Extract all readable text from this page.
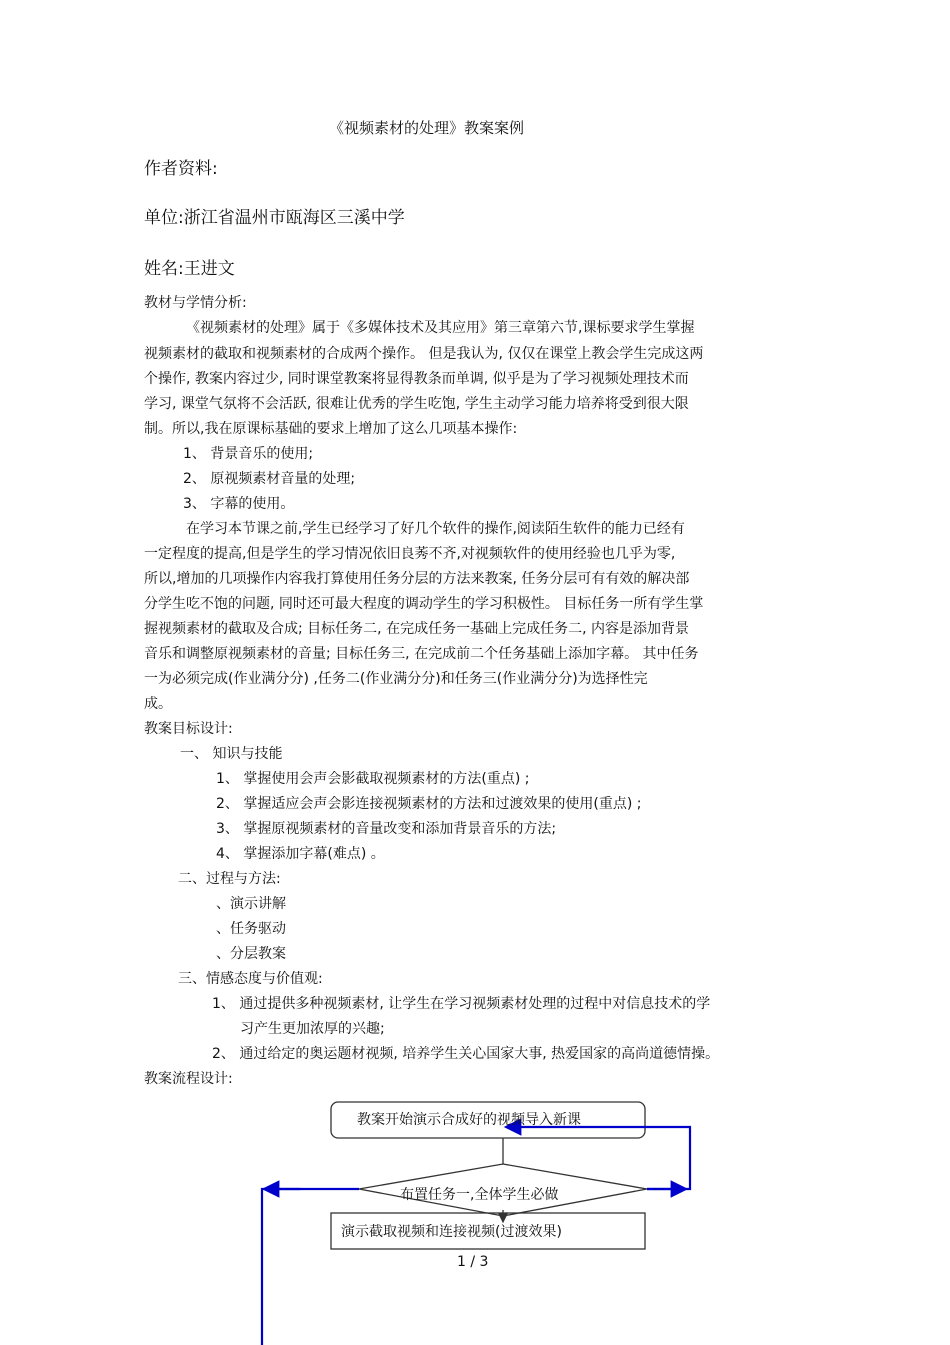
《视频素材的处理》教案案例
作者资料:
单位:浙江省温州市瓯海区三溪中学
姓名:王进文
教材与学情分析:
《视频素材的处理》属于《多媒体技术及其应用》第三章第六节,课标要求学生掌握
视频素材的截取和视频素材的合成两个操作。 但是我认为, 仅仅在课堂上教会学生完成这两
个操作, 教案内容过少, 同时课堂教案将显得教条而单调, 似乎是为了学习视频处理技术而
学习, 课堂气氛将不会活跃, 很难让优秀的学生吃饱, 学生主动学习能力培养将受到很大限
制。所以,我在原课标基础的要求上增加了这么几项基本操作:
1、 背景音乐的使用;
2、 原视频素材音量的处理;
3、 字幕的使用。
在学习本节课之前,学生已经学习了好几个软件的操作,阅读陌生软件的能力已经有
一定程度的提高,但是学生的学习情况依旧良莠不齐,对视频软件的使用经验也几乎为零,
所以,增加的几项操作内容我打算使用任务分层的方法来教案, 任务分层可有有效的解决部
分学生吃不饱的问题, 同时还可最大程度的调动学生的学习积极性。 目标任务一所有学生掌
握视频素材的截取及合成; 目标任务二, 在完成任务一基础上完成任务二, 内容是添加背景
音乐和调整原视频素材的音量; 目标任务三, 在完成前二个任务基础上添加字幕。 其中任务
一为必须完成(作业满分分) ,任务二(作业满分分)和任务三(作业满分分)为选择性完
成。
教案目标设计:
一、 知识与技能
1、 掌握使用会声会影截取视频素材的方法(重点) ;
2、 掌握适应会声会影连接视频素材的方法和过渡效果的使用(重点) ;
3、 掌握原视频素材的音量改变和添加背景音乐的方法;
4、 掌握添加字幕(难点) 。
二、过程与方法:
、演示讲解
、任务驱动
、分层教案
三、情感态度与价值观:
1、 通过提供多种视频素材, 让学生在学习视频素材处理的过程中对信息技术的学
习产生更加浓厚的兴趣;
2、 通过给定的奥运题材视频, 培养学生关心国家大事, 热爱国家的高尚道德情操。
教案流程设计:
教案开始演示合成好的视频导入新课
布置任务一,全体学生必做
演示截取视频和连接视频(过渡效果)
1 / 3
